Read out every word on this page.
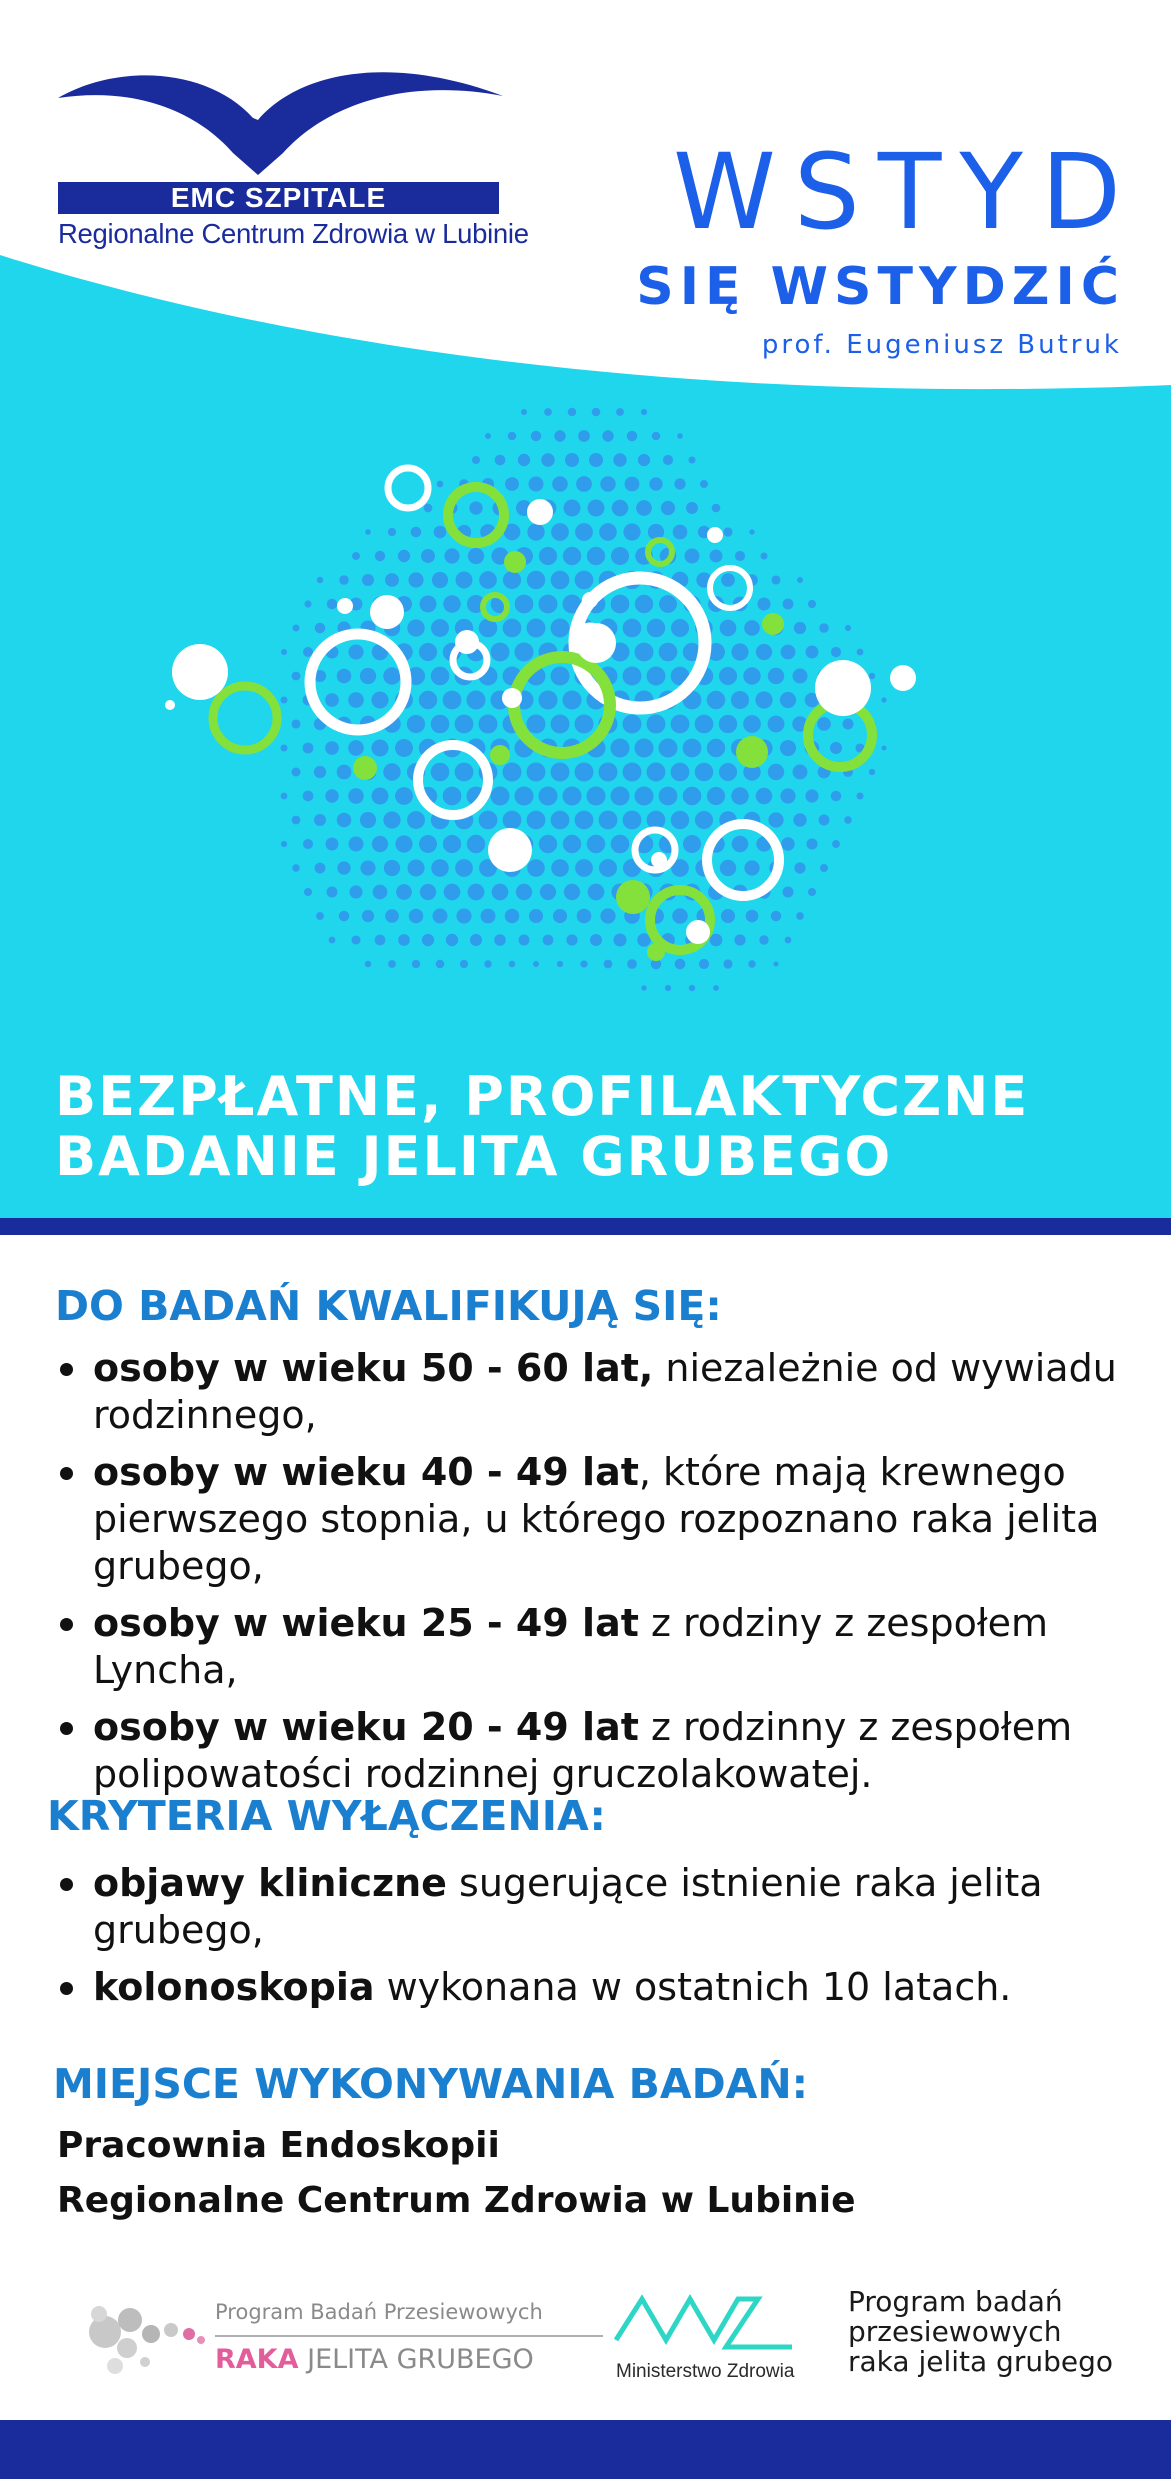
EMC SZPITALE
Regionalne Centrum Zdrowia w Lubinie WSTYD
SIĘ WSTYDZIĆ
prof. Eugeniusz Butruk
BEZPŁATNE, PROFILAKTYCZNE
BADANIE JELITA GRUBEGO
DO BADAŃ KWALIFIKUJĄ SIĘ:
osoby w wieku 50 - 60 lat, niezależnie od wywiadu rodzinnego,
osoby w wieku 40 - 49 lat, które mają krewnego pierwszego stopnia, u którego rozpoznano raka jelita grubego,
osoby w wieku 25 - 49 lat z rodziny z zespołem Lyncha,
osoby w wieku 20 - 49 lat z rodzinny z zespołem polipowatości rodzinnej gruczolakowatej.
KRYTERIA WYŁĄCZENIA:
objawy kliniczne sugerujące istnienie raka jelita grubego,
kolonoskopia wykonana w ostatnich 10 latach.
MIEJSCE WYKONYWANIA BADAŃ:

Pracownia Endoskopii

Regionalne Centrum Zdrowia w Lubinie

Program Badań Przesiewowych
RAKA JELITA GRUBEGO	Ministerstwo Zdrowia
Program badań
przesiewowych
raka jelita grubego
